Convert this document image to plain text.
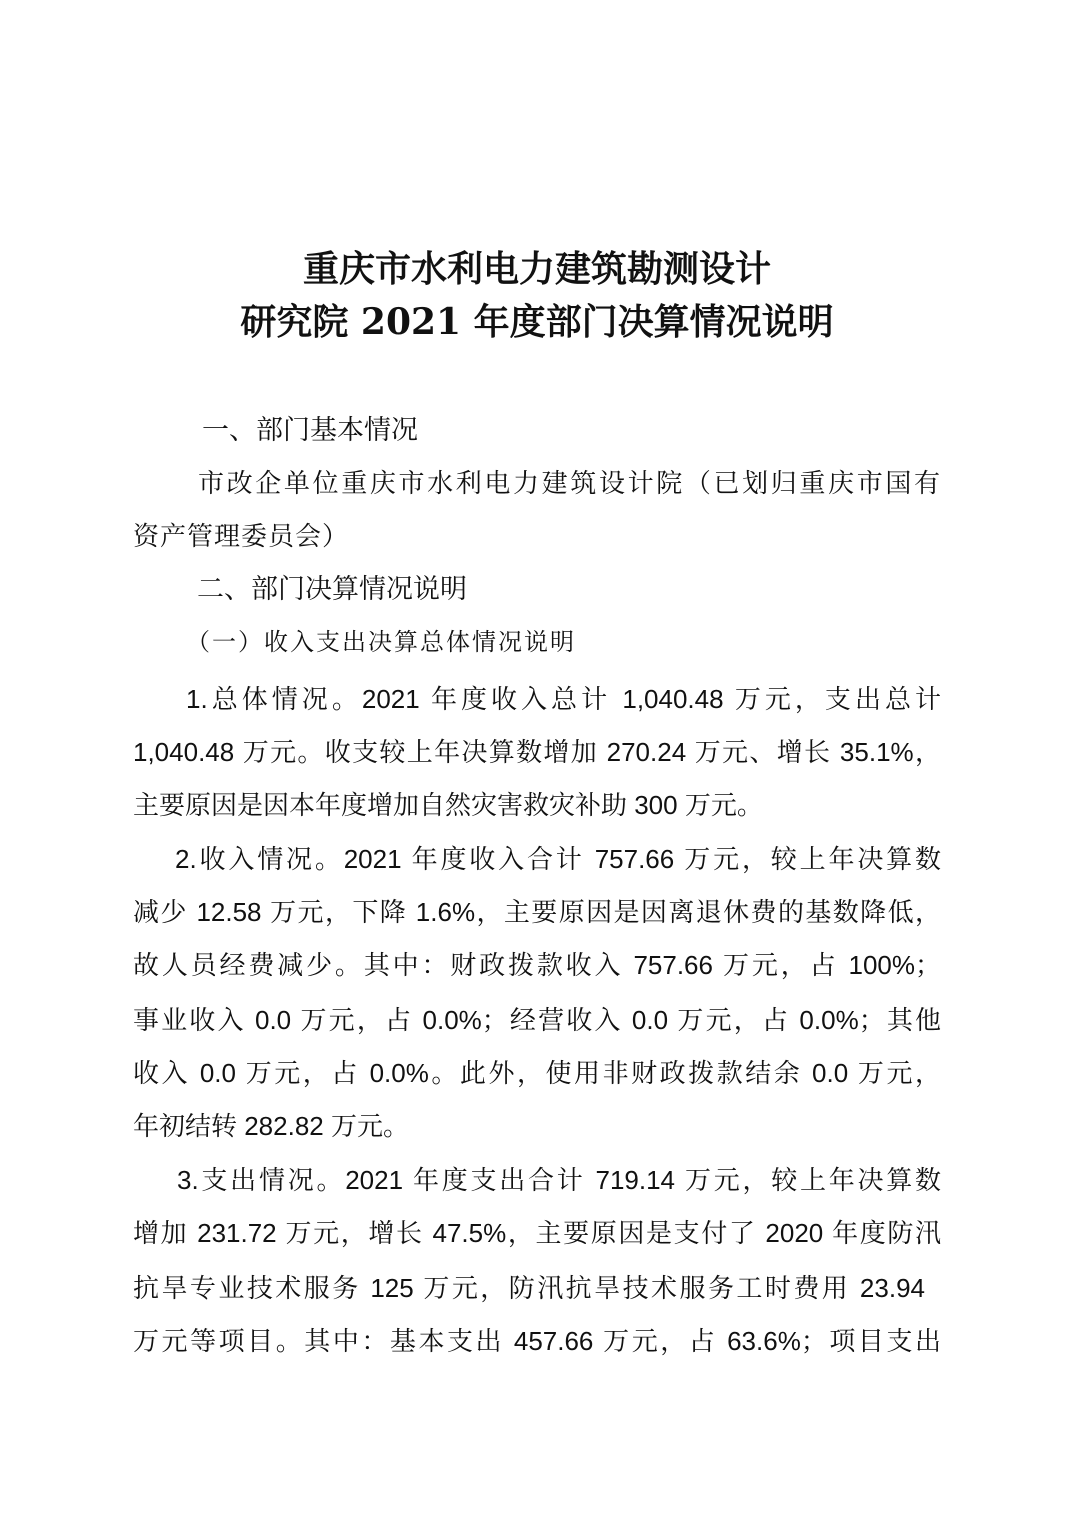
重庆市水利电力建筑勘测设计
研究院 2021 年度部门决算情况说明
一、部门基本情况
市改企单位重庆市水利电力建筑设计院（已划归重庆市国有
资产管理委员会）
二、部门决算情况说明
（一）收入支出决算总体情况说明
1.总体情况。2021 年度收入总计 1,040.48 万元，支出总计
1,040.48 万元。收支较上年决算数增加 270.24 万元、增长 35.1%，
主要原因是因本年度增加自然灾害救灾补助 300 万元。
2.收入情况。2021 年度收入合计 757.66 万元，较上年决算数
减少 12.58 万元，下降 1.6%，主要原因是因离退休费的基数降低，
故人员经费减少。其中：财政拨款收入 757.66 万元，占 100%；
事业收入 0.0 万元，占 0.0%；经营收入 0.0 万元，占 0.0%；其他
收入 0.0 万元，占 0.0%。此外，使用非财政拨款结余 0.0 万元，
年初结转 282.82 万元。
3.支出情况。2021 年度支出合计 719.14 万元，较上年决算数
增加 231.72 万元，增长 47.5%，主要原因是支付了 2020 年度防汛
抗旱专业技术服务 125 万元，防汛抗旱技术服务工时费用 23.94
万元等项目。其中：基本支出 457.66 万元，占 63.6%；项目支出
